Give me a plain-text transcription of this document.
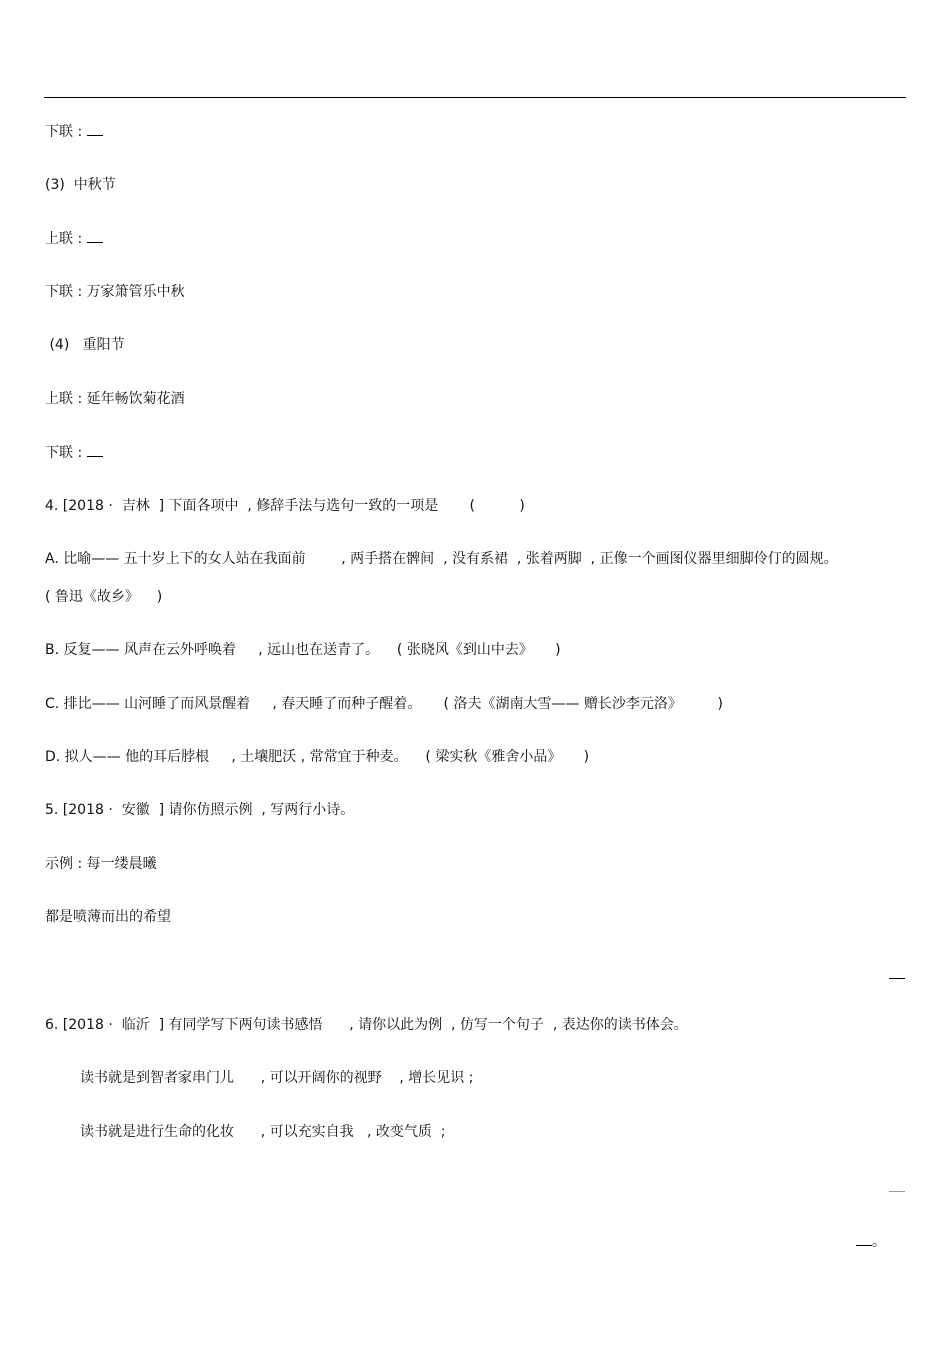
下联 :
(3)  中秋节
上联 :
下联 : 万家箫管乐中秋
(4)   重阳节
上联 : 延年畅饮菊花酒
下联 :
4. [2018 ·  吉林  ] 下面各项中  , 修辞手法与选句一致的一项是       (          )
A. 比喻—— 五十岁上下的女人站在我面前        , 两手搭在髀间  , 没有系裙  , 张着两脚  , 正像一个画图仪器里细脚伶仃的圆规。
( 鲁迅《故乡》    )
B. 反复—— 风声在云外呼唤着     , 远山也在送青了。    ( 张晓风《到山中去》     )
C. 排比—— 山河睡了而风景醒着     , 春天睡了而种子醒着。     ( 洛夫《湖南大雪—— 赠长沙李元洛》        )
D. 拟人—— 他的耳后脖根     , 土壤肥沃 , 常常宜于种麦。    ( 梁实秋《雅舍小品》     )
5. [2018 ·  安徽  ] 请你仿照示例  , 写两行小诗。
示例 : 每一缕晨曦
都是喷薄而出的希望
6. [2018 ·  临沂  ] 有同学写下两句读书感悟      , 请你以此为例  , 仿写一个句子  , 表达你的读书体会。
读书就是到智者家串门儿      , 可以开阔你的视野    , 增长见识 ;
读书就是进行生命的化妆      , 可以充实自我   , 改变气质  ;
。
